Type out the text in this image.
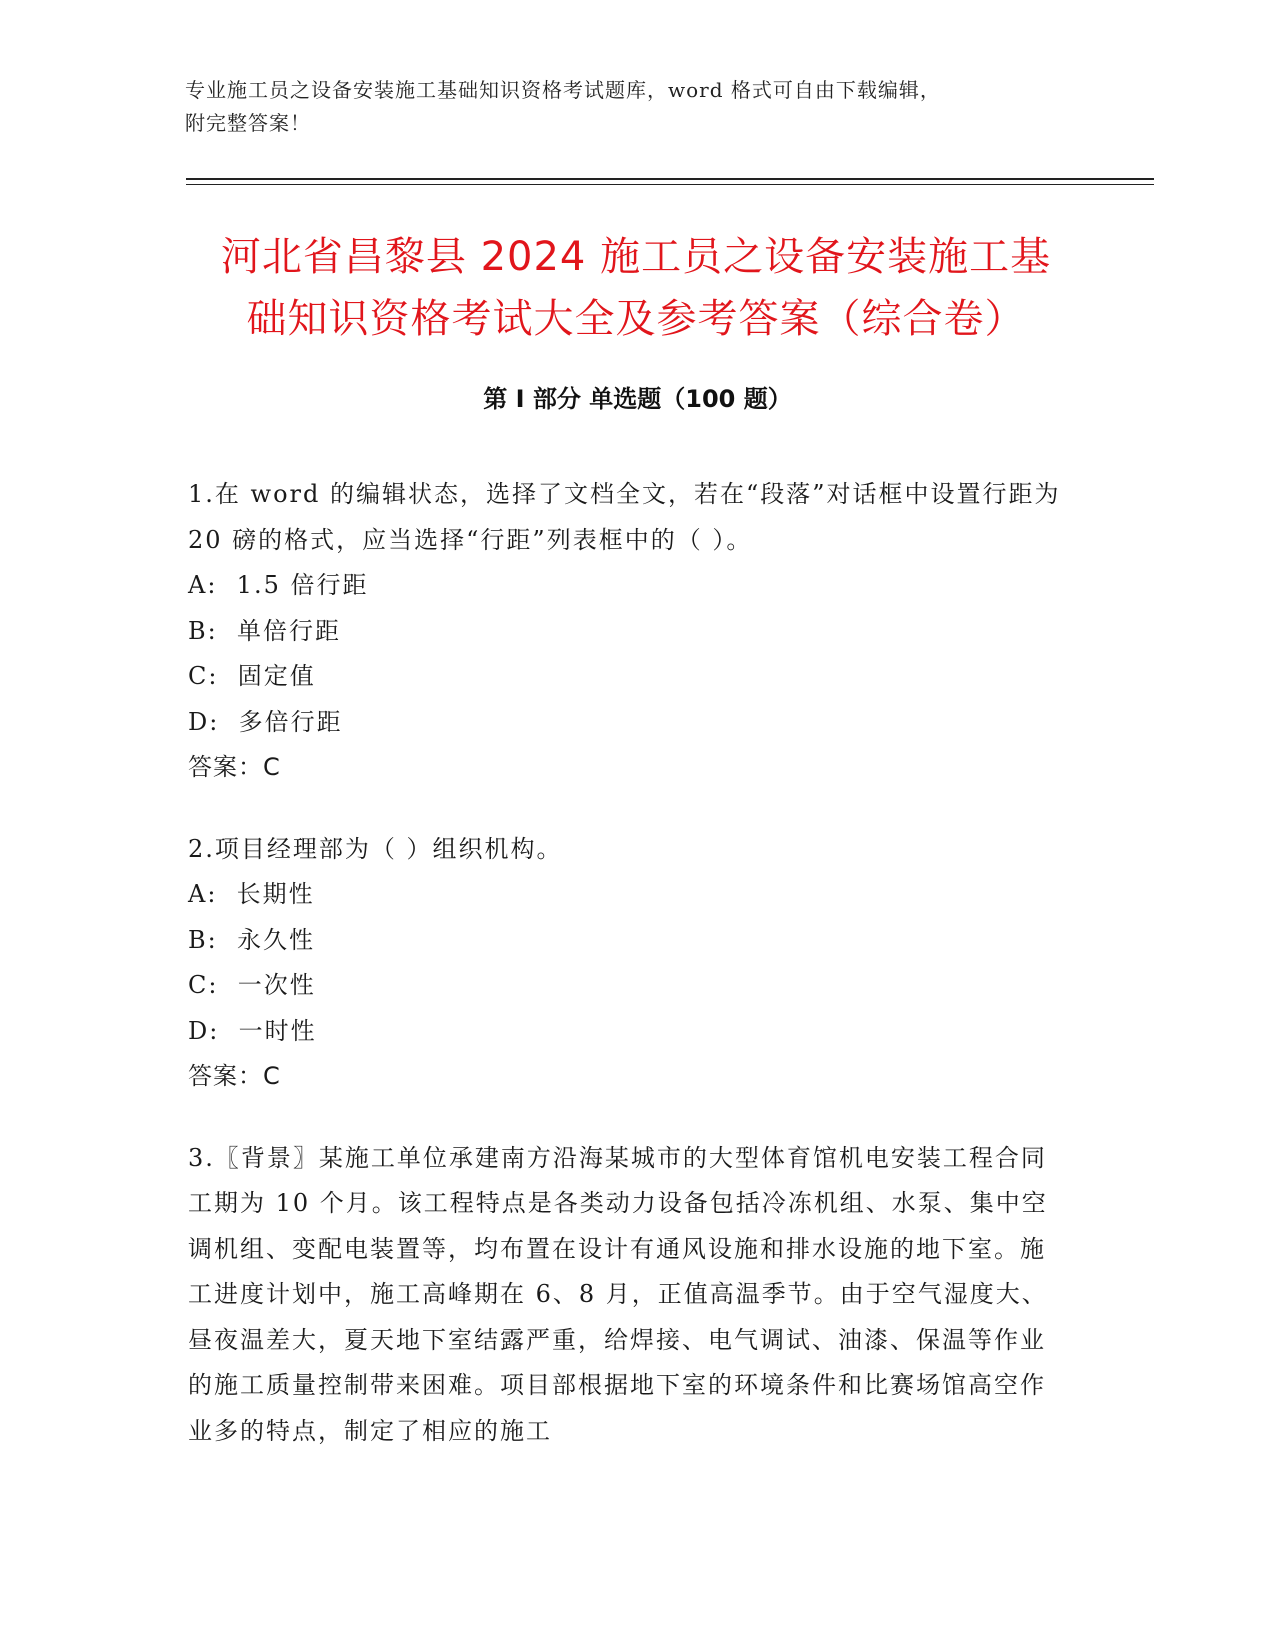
专业施工员之设备安装施工基础知识资格考试题库，word 格式可自由下载编辑，
附完整答案！
河北省昌黎县 2024 施工员之设备安装施工基
础知识资格考试大全及参考答案（综合卷）
第 I 部分 单选题（100 题）

1.在 word 的编辑状态，选择了文档全文，若在“段落”对话框中设置行距为 20 磅的格式，应当选择“行距”列表框中的（ ）。

A:  1.5 倍行距

B:  单倍行距

C:  固定值

D:  多倍行距

答案：C

2.项目经理部为（ ）组织机构。

A:  长期性

B:  永久性

C:  一次性

D:  一时性

答案：C

3.〖背景〗某施工单位承建南方沿海某城市的大型体育馆机电安装工程合同工期为 10 个月。该工程特点是各类动力设备包括冷冻机组、水泵、集中空调机组、变配电装置等，均布置在设计有通风设施和排水设施的地下室。施工进度计划中，施工高峰期在 6、8 月，正值高温季节。由于空气湿度大、昼夜温差大，夏天地下室结露严重，给焊接、电气调试、油漆、保温等作业的施工质量控制带来困难。项目部根据地下室的环境条件和比赛场馆高空作业多的特点，制定了相应的施工
